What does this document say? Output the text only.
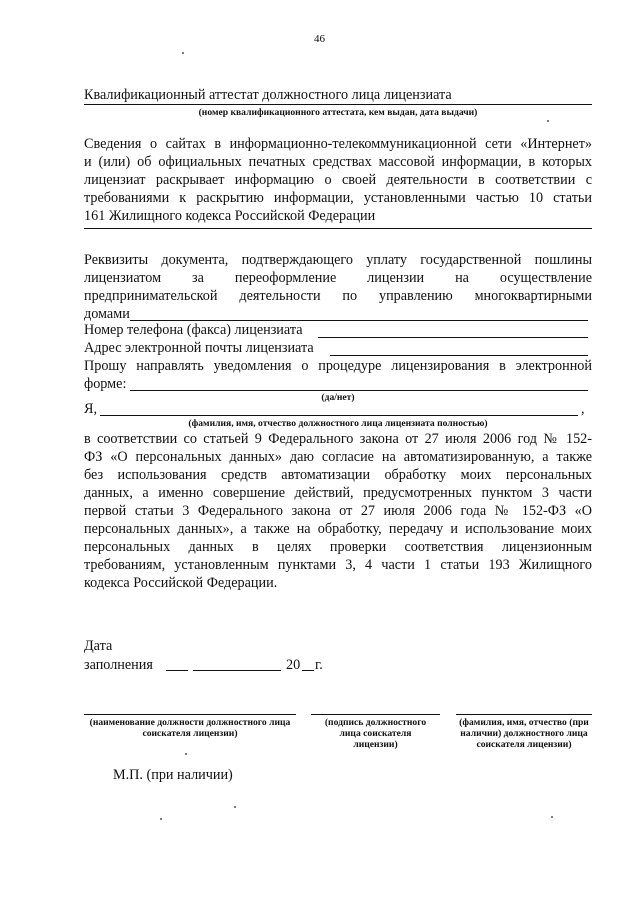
46
Квалификационный аттестат должностного лица лицензиата
(номер квалификационного аттестата, кем выдан, дата выдачи)

Сведения о сайтах в информационно-телекоммуникационной сети «Интернет»

и (или) об официальных печатных средствах массовой информации, в которых

лицензиат раскрывает информацию о своей деятельности в соответствии с

требованиями к раскрытию информации, установленными частью 10 статьи

161 Жилищного кодекса Российской Федерации

Реквизиты документа, подтверждающего уплату государственной пошлины

лицензиатом за переоформление лицензии на осуществление

предпринимательской деятельности по управлению многоквартирными

домами

Номер телефона (факса) лицензиата
Адрес электронной почты лицензиата
Прошу направлять уведомления о процедуре лицензирования в электронной
форме:
(да/нет)
Я,	,
(фамилия, имя, отчество должностного лица лицензиата полностью)

в соответствии со статьей 9 Федерального закона от 27 июля 2006 год № 152-

ФЗ «О персональных данных» даю согласие на автоматизированную, а также

без использования средств автоматизации обработку моих персональных

данных, а именно совершение действий, предусмотренных пунктом 3 части

первой статьи 3 Федерального закона от 27 июля 2006 года № 152-ФЗ «О

персональных данных», а также на обработку, передачу и использование моих

персональных данных в целях проверки соответствия лицензионным

требованиям, установленным пунктами 3, 4 части 1 статьи 193 Жилищного

кодекса Российской Федерации.

Дата
заполнения	20 г.
(наименование должности должностного лица
соискателя лицензии)
(подпись должностного
лица соискателя
лицензии)
(фамилия, имя, отчество (при
наличии) должностного лица
соискателя лицензии)
М.П. (при наличии)
